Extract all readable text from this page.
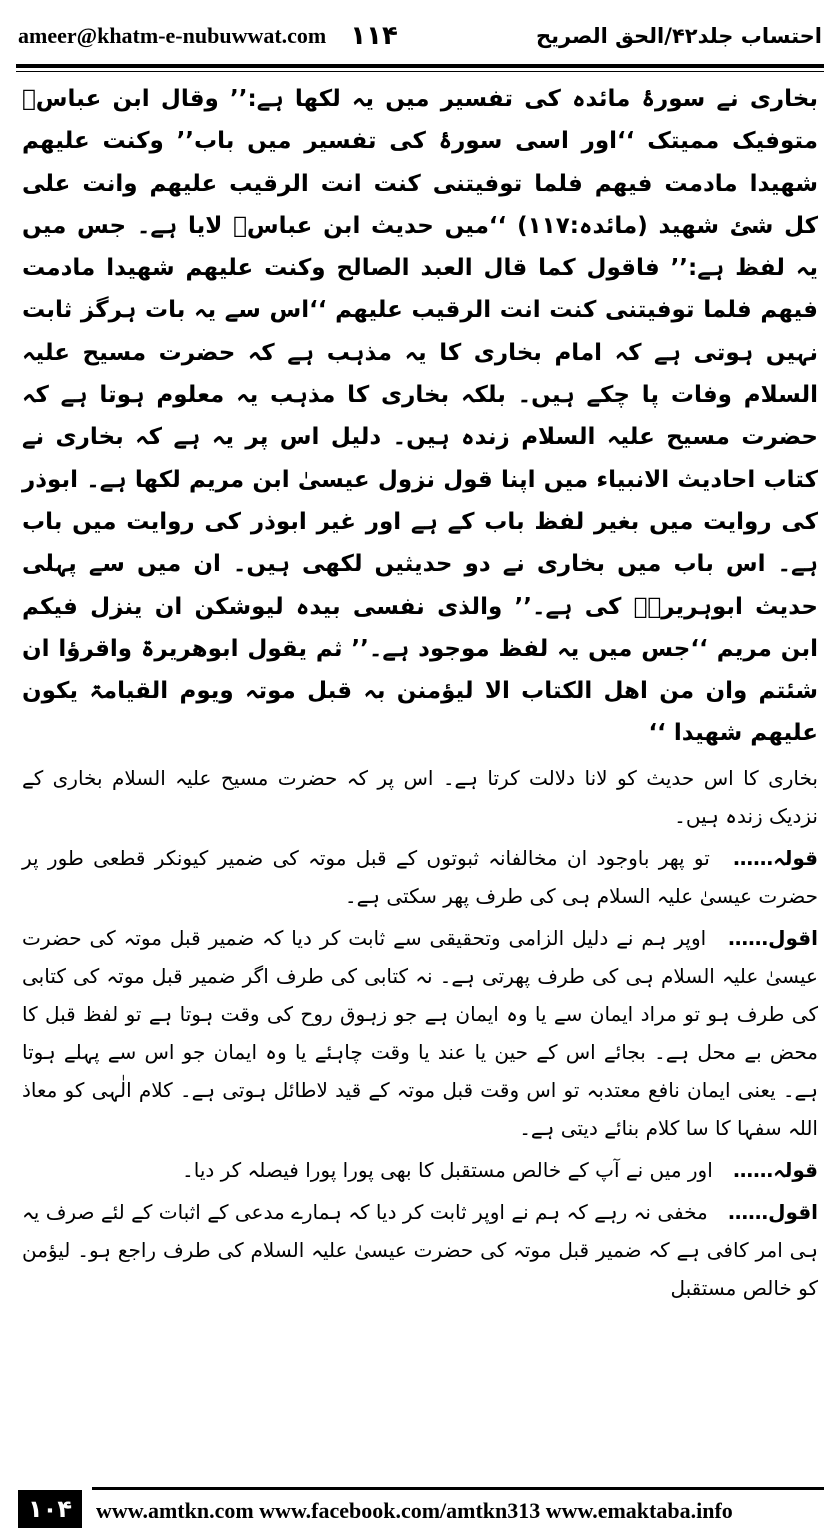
ameer@khatm-e-nubuwwat.com ۱۱۴	احتساب جلد۴۲/الحق الصریح

بخاری نے سورۂ مائدہ کی تفسیر میں یہ لکھا ہے:’’ وقال ابن عباسؓ متوفیک ممیتک ‘‘اور اسی سورۂ کی تفسیر میں باب’’ وکنت علیھم شھیدا مادمت فیھم فلما توفیتنی کنت انت الرقیب علیھم وانت علی کل شئ شھید (مائدہ:۱۱۷) ‘‘میں حدیث ابن عباسؓ لایا ہے۔ جس میں یہ لفظ ہے:’’ فاقول کما قال العبد الصالح وکنت علیھم شھیدا مادمت فیھم فلما توفیتنی کنت انت الرقیب علیھم ‘‘اس سے یہ بات ہرگز ثابت نہیں ہوتی ہے کہ امام بخاری کا یہ مذہب ہے کہ حضرت مسیح علیہ السلام وفات پا چکے ہیں۔ بلکہ بخاری کا مذہب یہ معلوم ہوتا ہے کہ حضرت مسیح علیہ السلام زندہ ہیں۔ دلیل اس پر یہ ہے کہ بخاری نے کتاب احادیث الانبیاء میں اپنا قول نزول عیسیٰ ابن مریم لکھا ہے۔ ابوذر کی روایت میں بغیر لفظ باب کے ہے اور غیر ابوذر کی روایت میں باب ہے۔ اس باب میں بخاری نے دو حدیثیں لکھی ہیں۔ ان میں سے پہلی حدیث ابوہریرہؓ کی ہے۔’’ والذی نفسی بیدہ لیوشکن ان ینزل فیکم ابن مریم ‘‘جس میں یہ لفظ موجود ہے۔’’ ثم یقول ابوھریرۃ واقرؤا ان شئتم وان من اھل الکتاب الا لیؤمنن بہ قبل موتہ ویوم القیامۃ یکون علیھم شھیدا ‘‘

بخاری کا اس حدیث کو لانا دلالت کرتا ہے۔ اس پر کہ حضرت مسیح علیہ السلام بخاری کے نزدیک زندہ ہیں۔

قولہ…… تو پھر باوجود ان مخالفانہ ثبوتوں کے قبل موتہ کی ضمیر کیونکر قطعی طور پر حضرت عیسیٰ علیہ السلام ہی کی طرف پھر سکتی ہے۔

اقول…… اوپر ہم نے دلیل الزامی وتحقیقی سے ثابت کر دیا کہ ضمیر قبل موتہ کی حضرت عیسیٰ علیہ السلام ہی کی طرف پھرتی ہے۔ نہ کتابی کی طرف اگر ضمیر قبل موتہ کی کتابی کی طرف ہو تو مراد ایمان سے یا وہ ایمان ہے جو زہوق روح کی وقت ہوتا ہے تو لفظ قبل کا محض بے محل ہے۔ بجائے اس کے حین یا عند یا وقت چاہئے یا وہ ایمان جو اس سے پہلے ہوتا ہے۔ یعنی ایمان نافع معتدبہ تو اس وقت قبل موتہ کے قید لاطائل ہوتی ہے۔ کلام الٰہی کو معاذ اللہ سفہا کا سا کلام بنائے دیتی ہے۔

قولہ…… اور میں نے آپ کے خالص مستقبل کا بھی پورا پورا فیصلہ کر دیا۔

اقول…… مخفی نہ رہے کہ ہم نے اوپر ثابت کر دیا کہ ہمارے مدعی کے اثبات کے لئے صرف یہ ہی امر کافی ہے کہ ضمیر قبل موتہ کی حضرت عیسیٰ علیہ السلام کی طرف راجع ہو۔ لیؤمن کو خالص مستقبل

۱۰۴	www.amtkn.com www.facebook.com/amtkn313 www.emaktaba.info
